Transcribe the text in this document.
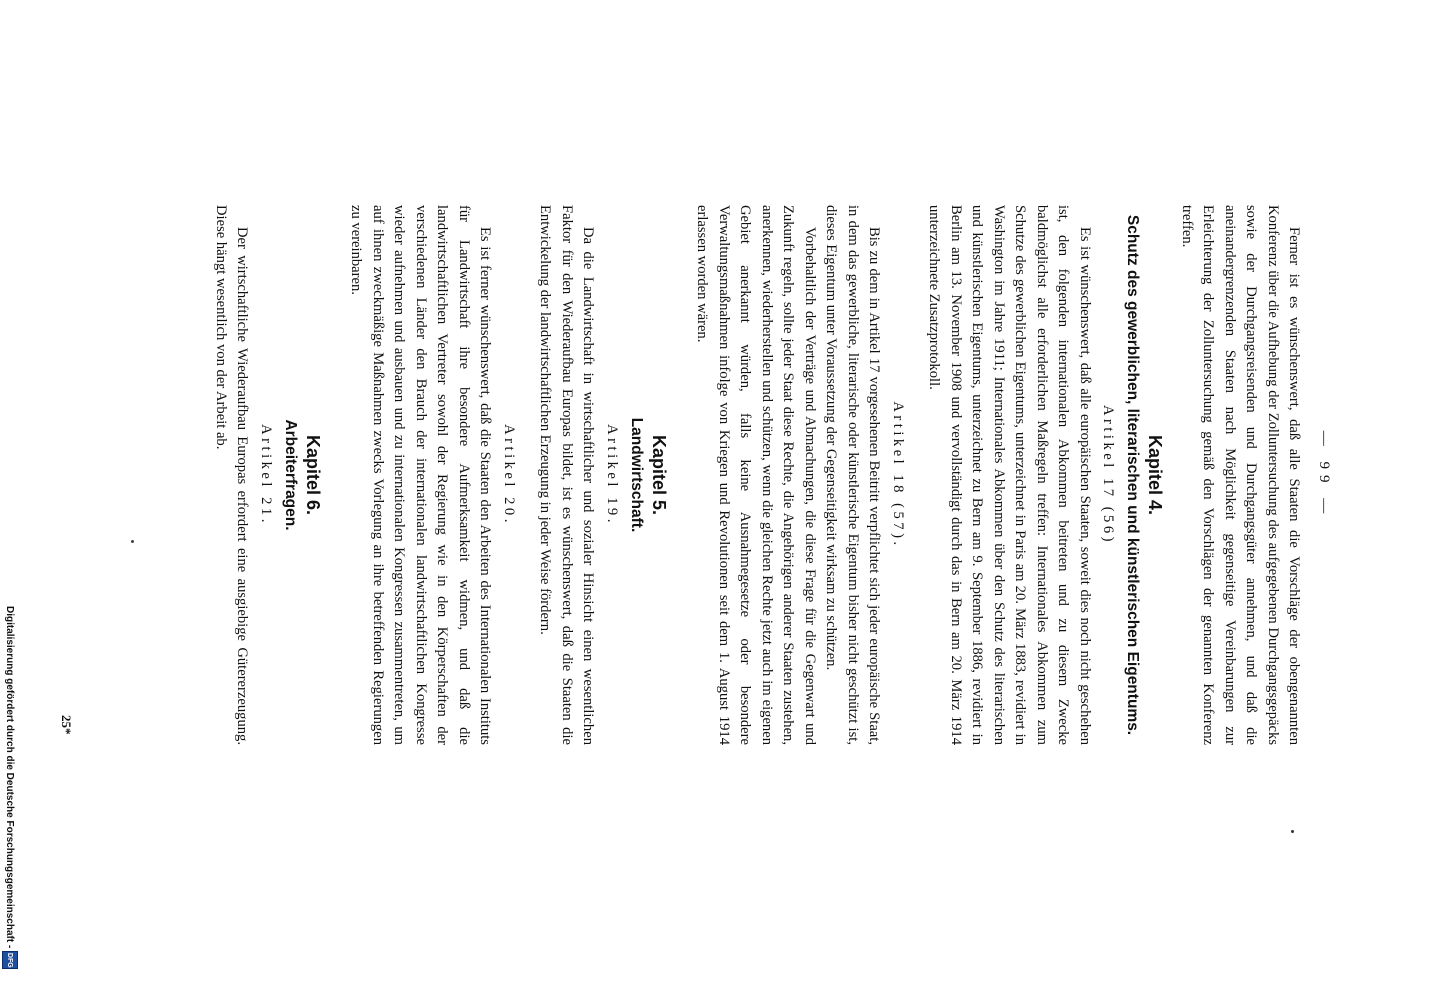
— 99 —

Ferner ist es wünschenswert, daß alle Staaten die Vorschläge der obengenannten Konferenz über die Aufhebung der Zolluntersuchung des aufgegebenen Durchgangsgepäcks sowie der Durchgangsreisenden und Durchgangsgüter annehmen, und daß die aneinandergrenzenden Staaten nach Möglichkeit gegenseitige Vereinbarungen zur Erleichterung der Zolluntersuchung gemäß den Vorschlägen der genannten Konferenz treffen.

Kapitel 4.
Schutz des gewerblichen, literarischen und künstlerischen Eigentums.
Artikel 17 (56)

Es ist wünschenswert, daß alle europäischen Staaten, soweit dies noch nicht geschehen ist, den folgenden internationalen Abkommen beitreten und zu diesem Zwecke baldmöglichst alle erforderlichen Maßregeln treffen: Internationales Abkommen zum Schutze des gewerblichen Eigentums, unterzeichnet in Paris am 20. März 1883, revidiert in Washington im Jahre 1911; Internationales Abkommen über den Schutz des literarischen und künstlerischen Eigentums, unterzeichnet zu Bern am 9. September 1886, revidiert in Berlin am 13. November 1908 und vervollständigt durch das in Bern am 20. März 1914 unterzeichnete Zusatzprotokoll.

Artikel 18 (57).

Bis zu dem in Artikel 17 vorgesehenen Beitritt verpflichtet sich jeder europäische Staat, in dem das gewerbliche, literarische oder künstlerische Eigentum bisher nicht geschützt ist, dieses Eigentum unter Voraussetzung der Gegenseitigkeit wirksam zu schützen.

Vorbehaltlich der Verträge und Abmachungen, die diese Frage für die Gegenwart und Zukunft regeln, sollte jeder Staat diese Rechte, die Angehörigen anderer Staaten zustehen, anerkennen, wiederherstellen und schützen, wenn die gleichen Rechte jetzt auch im eigenen Gebiet anerkannt würden, falls keine Ausnahmegesetze oder besondere Verwaltungsmaßnahmen infolge von Kriegen und Revolutionen seit dem 1. August 1914 erlassen worden wären.

Kapitel 5.
Landwirtschaft.
Artikel 19.

Da die Landwirtschaft in wirtschaftlicher und sozialer Hinsicht einen wesentlichen Faktor für den Wiederaufbau Europas bildet, ist es wünschenswert, daß die Staaten die Entwickelung der landwirtschaftlichen Erzeugung in jeder Weise fördern.

Artikel 20.

Es ist ferner wünschenswert, daß die Staaten den Arbeiten des Internationalen Instituts für Landwirtschaft ihre besondere Aufmerksamkeit widmen, und daß die landwirtschaftlichen Vertreter sowohl der Regierung wie in den Körperschaften der verschiedenen Länder den Brauch der internationalen landwirtschaftlichen Kongresse wieder aufnehmen und ausbauen und zu internationalen Kongressen zusammentreten, um auf ihnen zweckmäßige Maßnahmen zwecks Vorlegung an ihre betreffenden Regierungen zu vereinbaren.

Kapitel 6.
Arbeiterfragen.
Artikel 21.

Der wirtschaftliche Wiederaufbau Europas erfordert eine ausgiebige Gütererzeugung. Diese hängt wesentlich von der Arbeit ab.

25*
Digitalisierung gefördert durch die Deutsche Forschungsgemeinschaft -
DFG
